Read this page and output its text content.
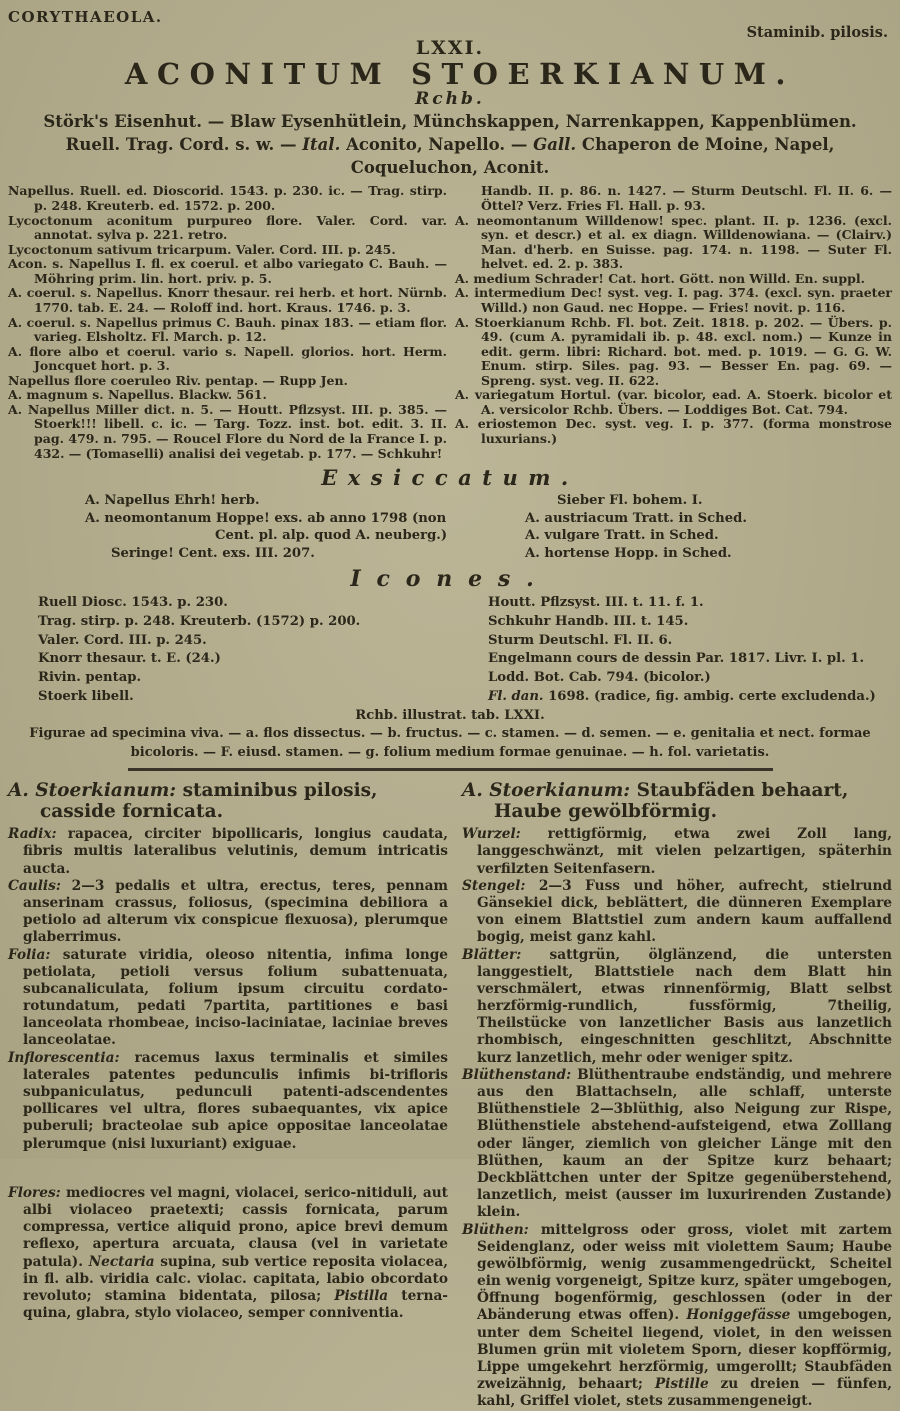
CORYTHAEOLA.
Staminib. pilosis.
LXXI.
ACONITUM STOERKIANUM.
Rchb.
Störk's Eisenhut. — Blaw Eysenhütlein, Münchskappen, Narrenkappen, Kappenblümen.
Ruell. Trag. Cord. s. w. — Ital. Aconito, Napello. — Gall. Chaperon de Moine, Napel, Coqueluchon, Aconit.

Napellus. Ruell. ed. Dioscorid. 1543. p. 230. ic. — Trag. stirp. p. 248. Kreuterb. ed. 1572. p. 200.

Lycoctonum aconitum purpureo flore. Valer. Cord. var. annotat. sylva p. 221. retro.

Lycoctonum sativum tricarpum. Valer. Cord. III. p. 245.

Acon. s. Napellus I. fl. ex coerul. et albo variegato C. Bauh. — Möhring prim. lin. hort. priv. p. 5.

A. coerul. s. Napellus. Knorr thesaur. rei herb. et hort. Nürnb. 1770. tab. E. 24. — Roloff ind. hort. Kraus. 1746. p. 3.

A. coerul. s. Napellus primus C. Bauh. pinax 183. — etiam flor. varieg. Elsholtz. Fl. March. p. 12.

A. flore albo et coerul. vario s. Napell. glorios. hort. Herm. Joncquet hort. p. 3.

Napellus flore coeruleo Riv. pentap. — Rupp Jen.

A. magnum s. Napellus. Blackw. 561.

A. Napellus Miller dict. n. 5. — Houtt. Pflzsyst. III. p. 385. — Stoerk!!! libell. c. ic. — Targ. Tozz. inst. bot. edit. 3. II. pag. 479. n. 795. — Roucel Flore du Nord de la France I. p. 432. — (Tomaselli) analisi dei vegetab. p. 177. — Schkuhr!

Handb. II. p. 86. n. 1427. — Sturm Deutschl. Fl. II. 6. — Öttel? Verz. Fries Fl. Hall. p. 93.

A. neomontanum Willdenow! spec. plant. II. p. 1236. (excl. syn. et descr.) et al. ex diagn. Willdenowiana. — (Clairv.) Man. d'herb. en Suisse. pag. 174. n. 1198. — Suter Fl. helvet. ed. 2. p. 383.

A. medium Schrader! Cat. hort. Gött. non Willd. En. suppl.

A. intermedium Dec! syst. veg. I. pag. 374. (excl. syn. praeter Willd.) non Gaud. nec Hoppe. — Fries! novit. p. 116.

A. Stoerkianum Rchb. Fl. bot. Zeit. 1818. p. 202. — Übers. p. 49. (cum A. pyramidali ib. p. 48. excl. nom.) — Kunze in edit. germ. libri: Richard. bot. med. p. 1019. — G. G. W. Enum. stirp. Siles. pag. 93. — Besser En. pag. 69. — Spreng. syst. veg. II. 622.

A. variegatum Hortul. (var. bicolor, ead. A. Stoerk. bicolor et A. versicolor Rchb. Übers. — Loddiges Bot. Cat. 794.

A. eriostemon Dec. syst. veg. I. p. 377. (forma monstrose luxurians.)

Exsiccatum.

A. Napellus Ehrh! herb.

A. neomontanum Hoppe! exs. ab anno 1798 (non Cent. pl. alp. quod A. neuberg.)

Seringe! Cent. exs. III. 207.

Sieber Fl. bohem. I.

A. austriacum Tratt. in Sched.

A. vulgare Tratt. in Sched.

A. hortense Hopp. in Sched.

Icones.

Ruell Diosc. 1543. p. 230.

Trag. stirp. p. 248. Kreuterb. (1572) p. 200.

Valer. Cord. III. p. 245.

Knorr thesaur. t. E. (24.)

Rivin. pentap.

Stoerk libell.

Houtt. Pflzsyst. III. t. 11. f. 1.

Schkuhr Handb. III. t. 145.

Sturm Deutschl. Fl. II. 6.

Engelmann cours de dessin Par. 1817. Livr. I. pl. 1.

Lodd. Bot. Cab. 794. (bicolor.)

Fl. dan. 1698. (radice, fig. ambig. certe excludenda.)

Rchb. illustrat. tab. LXXI.
Figurae ad specimina viva. — a. flos dissectus. — b. fructus. — c. stamen. — d. semen. — e. genitalia et nect. formae bicoloris. — F. eiusd. stamen. — g. folium medium formae genuinae. — h. fol. varietatis.

A. Stoerkianum: staminibus pilosis, casside fornicata.

Radix: rapacea, circiter bipollicaris, longius caudata, fibris multis lateralibus velutinis, demum intricatis aucta.

Caulis: 2—3 pedalis et ultra, erectus, teres, pennam anserinam crassus, foliosus, (specimina debiliora a petiolo ad alterum vix conspicue flexuosa), plerumque glaberrimus.

Folia: saturate viridia, oleoso nitentia, infima longe petiolata, petioli versus folium subattenuata, subcanaliculata, folium ipsum circuitu cordato-rotundatum, pedati 7partita, partitiones e basi lanceolata rhombeae, inciso-laciniatae, laciniae breves lanceolatae.

Inflorescentia: racemus laxus terminalis et similes laterales patentes pedunculis infimis bi-trifloris subpaniculatus, pedunculi patenti-adscendentes pollicares vel ultra, flores subaequantes, vix apice puberuli; bracteolae sub apice oppositae lanceolatae plerumque (nisi luxuriant) exiguae.

Flores: mediocres vel magni, violacei, serico-nitiduli, aut albi violaceo praetexti; cassis fornicata, parum compressa, vertice aliquid prono, apice brevi demum reflexo, apertura arcuata, clausa (vel in varietate patula). Nectaria supina, sub vertice reposita violacea, in fl. alb. viridia calc. violac. capitata, labio obcordato revoluto; stamina bidentata, pilosa; Pistilla terna-quina, glabra, stylo violaceo, semper conniventia.

A. Stoerkianum: Staubfäden behaart, Haube gewölbförmig.

Wurzel: rettigförmig, etwa zwei Zoll lang, langgeschwänzt, mit vielen pelzartigen, späterhin verfilzten Seitenfasern.

Stengel: 2—3 Fuss und höher, aufrecht, stielrund Gänsekiel dick, beblättert, die dünneren Exemplare von einem Blattstiel zum andern kaum auffallend bogig, meist ganz kahl.

Blätter: sattgrün, ölglänzend, die untersten langgestielt, Blattstiele nach dem Blatt hin verschmälert, etwas rinnenförmig, Blatt selbst herzförmig-rundlich, fussförmig, 7theilig, Theilstücke von lanzetlicher Basis aus lanzetlich rhombisch, eingeschnitten geschlitzt, Abschnitte kurz lanzetlich, mehr oder weniger spitz.

Blüthenstand: Blüthentraube endständig, und mehrere aus den Blattachseln, alle schlaff, unterste Blüthenstiele 2—3blüthig, also Neigung zur Rispe, Blüthenstiele abstehend-aufsteigend, etwa Zolllang oder länger, ziemlich von gleicher Länge mit den Blüthen, kaum an der Spitze kurz behaart; Deckblättchen unter der Spitze gegenüberstehend, lanzetlich, meist (ausser im luxurirenden Zustande) klein.

Blüthen: mittelgross oder gross, violet mit zartem Seidenglanz, oder weiss mit violettem Saum; Haube gewölbförmig, wenig zusammengedrückt, Scheitel ein wenig vorgeneigt, Spitze kurz, später umgebogen, Öffnung bogenförmig, geschlossen (oder in der Abänderung etwas offen). Honiggefässe umgebogen, unter dem Scheitel liegend, violet, in den weissen Blumen grün mit violetem Sporn, dieser kopfförmig, Lippe umgekehrt herzförmig, umgerollt; Staubfäden zweizähnig, behaart; Pistille zu dreien — fünfen, kahl, Griffel violet, stets zusammengeneigt.
